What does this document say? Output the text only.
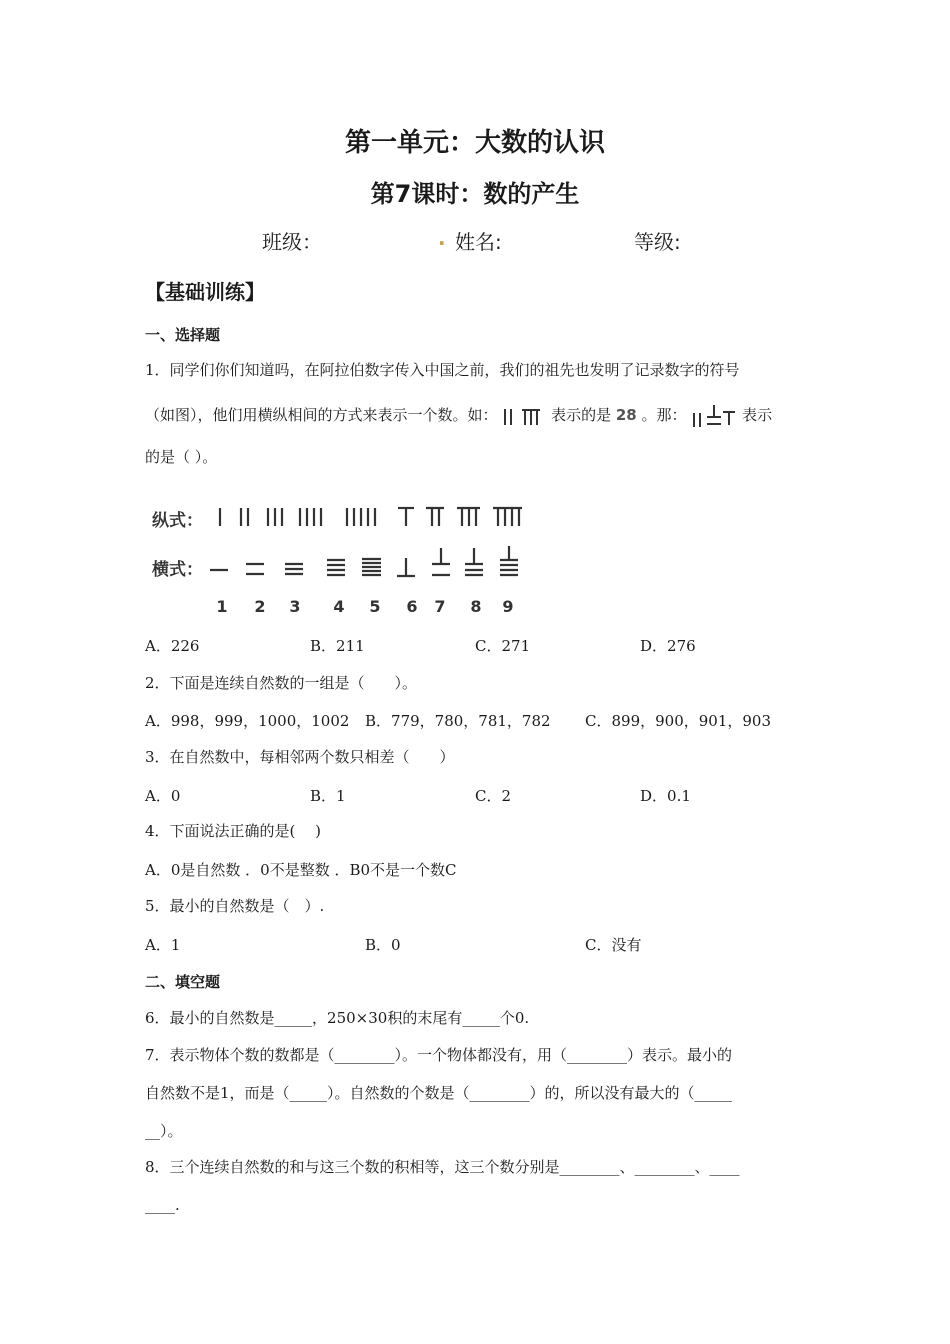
第一单元：大数的认识
第7课时：数的产生
班级：	. 姓名:	等级:
【基础训练】
一、选择题
1．同学们你们知道吗，在阿拉伯数字传入中国之前，我们的祖先也发明了记录数字的符号
（如图），他们用横纵相间的方式来表示一个数。如：	表示的是 28 。那：	表示
的是（ ）。
纵式：
横式：
1 2 3 4 5 6 7 8 9
A．226	B．211	C．271	D．276
2．下面是连续自然数的一组是（　　）。
A．998，999，1000，1002 B．779，780，781，782 C．899，900，901，903
3．在自然数中，每相邻两个数只相差（　　）
A．0	B．1	C．2	D．0.1
4．下面说法正确的是(　 )
A．0是自然数 ．0不是整数 ．B0不是一个数C
5．最小的自然数是（　）.
A．1	B．0	C．没有
二、填空题
6．最小的自然数是_____，250×30积的末尾有_____个0.
7．表示物体个数的数都是（________）。一个物体都没有，用（________）表示。最小的
自然数不是1，而是（_____）。自然数的个数是（________）的，所以没有最大的（_____
__）。
8．三个连续自然数的和与这三个数的积相等，这三个数分别是________、________、____
____.
